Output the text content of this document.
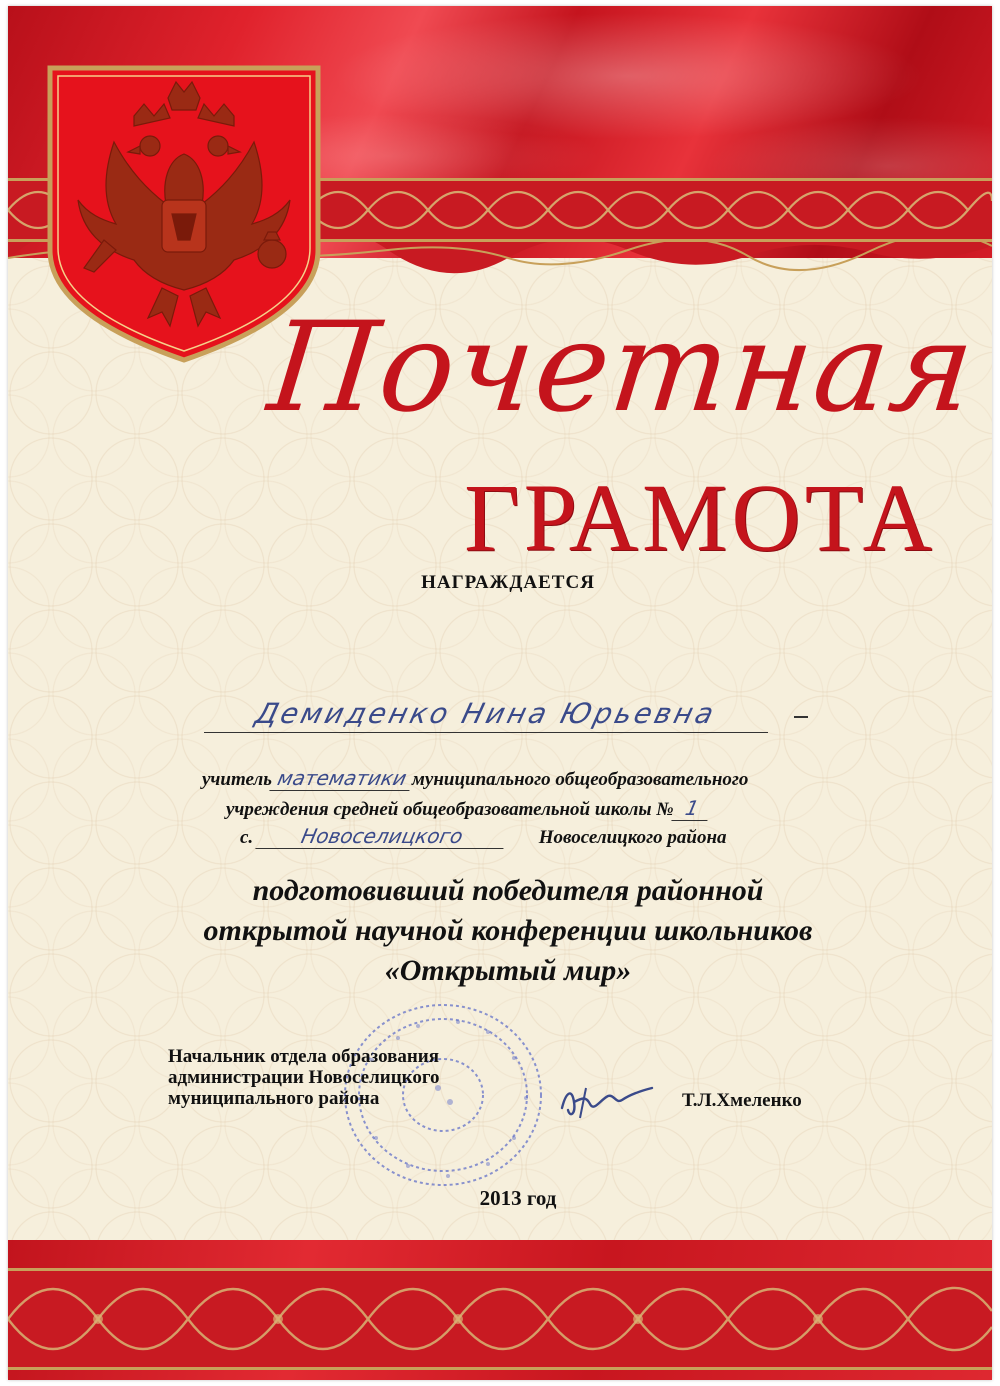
Почетная
ГРАМОТА
НАГРАЖДАЕТСЯ
Демиденко Нина Юрьевна
учитель математики муниципального общеобразовательного
учреждения средней общеобразовательной школы № 1
с. Новоселицкого	Новоселицкого района
подготовивший победителя районной
открытой научной конференции школьников
«Открытый мир»
Начальник отдела образования
администрации Новоселицкого
муниципального района	Т.Л.Хмеленко
2013 год
